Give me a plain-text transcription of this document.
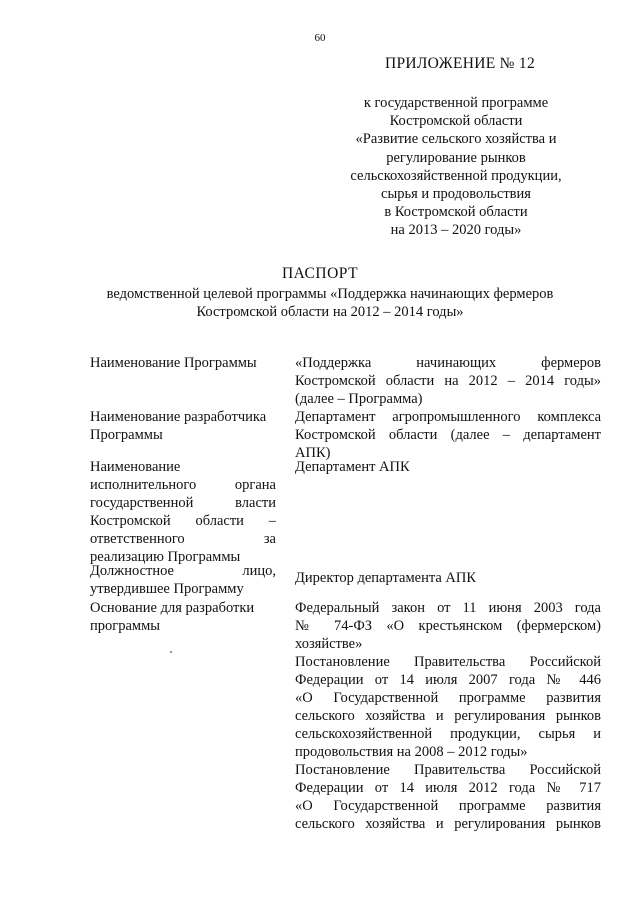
60
ПРИЛОЖЕНИЕ № 12
к государственной программе
Костромской области
«Развитие сельского хозяйства и
регулирование рынков
сельскохозяйственной продукции,
сырья и продовольствия
в Костромской области
на 2013 – 2020 годы»
ПАСПОРТ
ведомственной целевой программы «Поддержка начинающих фермеров
Костромской области на 2012 – 2014 годы»
Наименование Программы	«Поддержка начинающих фермеров
Костромской области на 2012 – 2014 годы»
(далее – Программа)
Наименование разработчика
Программы
Департамент агропромышленного комплекса
Костромской области (далее – департамент
АПК)
Наименование
исполнительного органа
государственной власти
Костромской области –
ответственного за
реализацию Программы
Департамент АПК
Должностное лицо,
утвердившее Программу
Директор департамента АПК
Основание для разработки
программы
Федеральный закон от 11 июня 2003 года
№ 74-ФЗ «О крестьянском (фермерском)
хозяйстве»
Постановление Правительства Российской
Федерации от 14 июля 2007 года № 446
«О Государственной программе развития
сельского хозяйства и регулирования рынков
сельскохозяйственной продукции, сырья и
продовольствия на 2008 – 2012 годы»
Постановление Правительства Российской
Федерации от 14 июля 2012 года № 717
«О Государственной программе развития
сельского хозяйства и регулирования рынков
